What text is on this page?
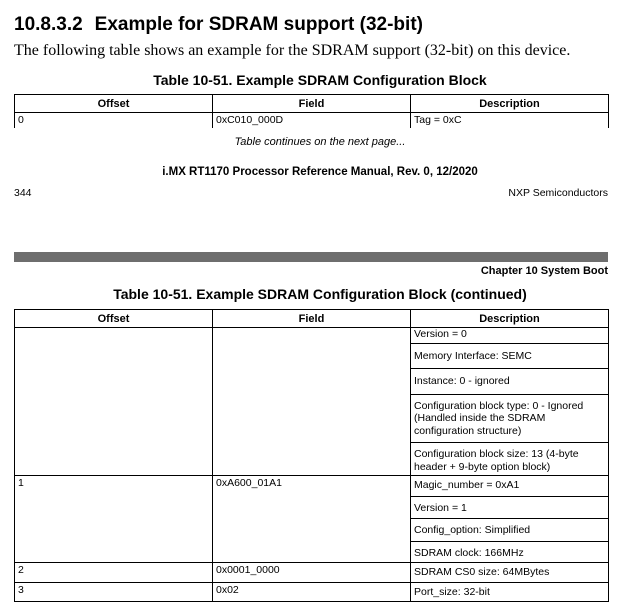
10.8.3.2 Example for SDRAM support (32-bit)
The following table shows an example for the SDRAM support (32-bit) on this device.
Table 10-51. Example SDRAM Configuration Block
Offset	Field	Description
0	0xC010_000D	Tag = 0xC
Table continues on the next page...
i.MX RT1170 Processor Reference Manual, Rev. 0, 12/2020
344	NXP Semiconductors
Chapter 10 System Boot
Table 10-51. Example SDRAM Configuration Block (continued)
Offset	Field	Description

		Version = 0
Memory Interface: SEMC
Instance: 0 - ignored
Configuration block type: 0 - Ignored (Handled inside the SDRAM configuration structure)
Configuration block size: 13 (4-byte header + 9-byte option block)

1	0xA600_01A1	Magic_number = 0xA1
Version = 1
Config_option: Simplified
SDRAM clock: 166MHz

2	0x0001_0000	SDRAM CS0 size: 64MBytes

3	0x02	Port_size: 32-bit
